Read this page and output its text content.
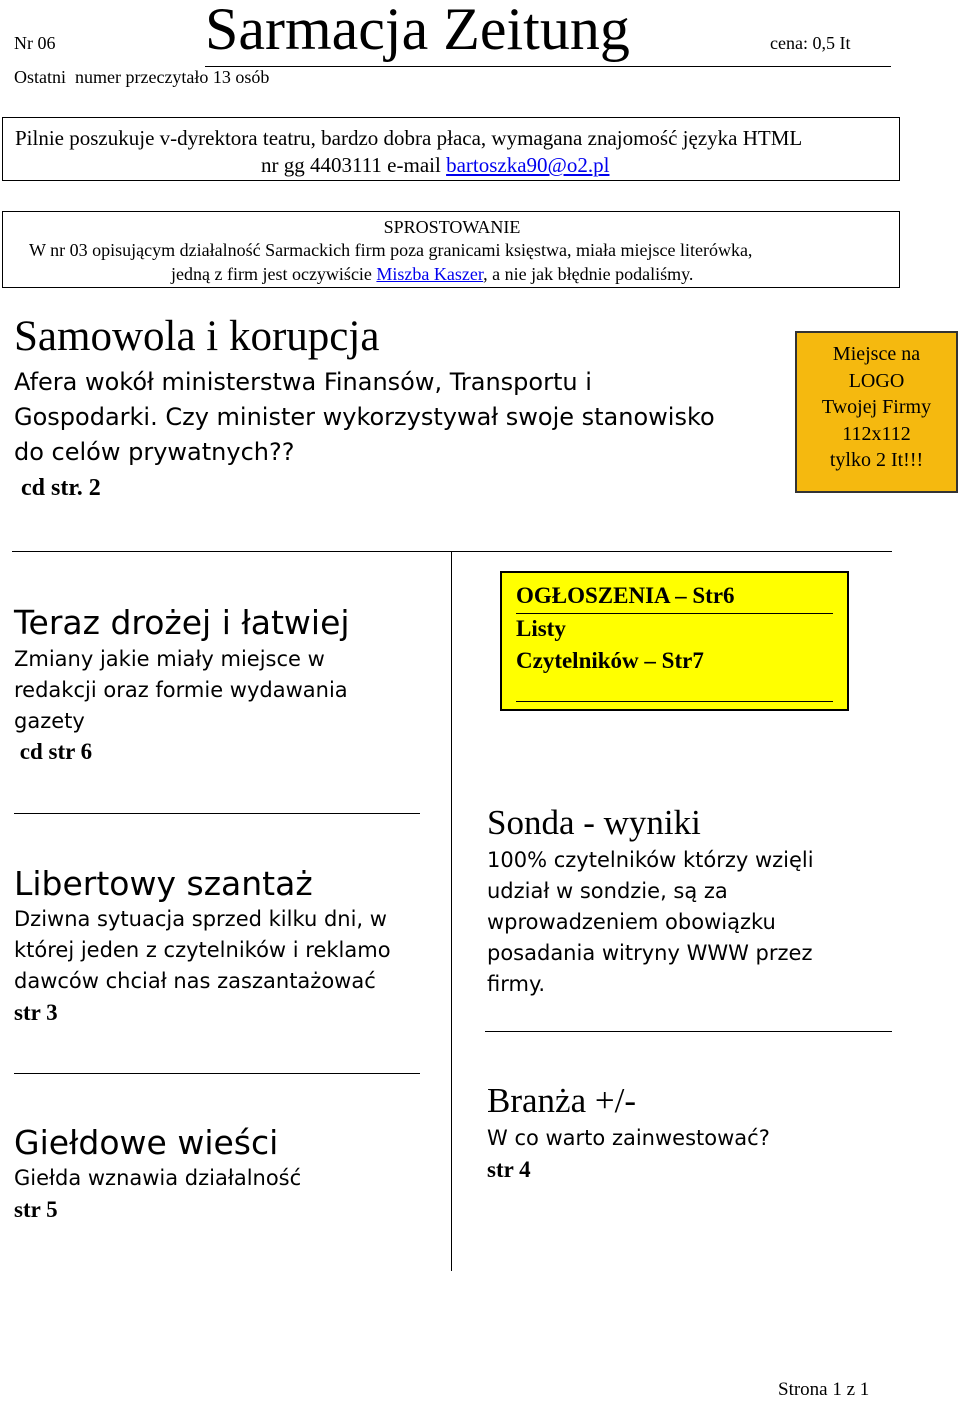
Nr 06 Sarmacja Zeitung	cena: 0,5 It
Ostatni  numer przeczytało 13 osób
Pilnie poszukuje v-dyrektora teatru, bardzo dobra płaca, wymagana znajomość języka HTML
nr gg 4403111 e-mail bartoszka90@o2.pl
SPROSTOWANIE
W nr 03 opisującym działalność Sarmackich firm poza granicami księstwa, miała miejsce literówka,
jedną z firm jest oczywiście Miszba Kaszer, a nie jak błędnie podaliśmy.
Samowola i korupcja
Afera wokół ministerstwa Finansów, Transportu i
Gospodarki. Czy minister wykorzystywał swoje stanowisko
do celów prywatnych??
cd str. 2
Miejsce na
LOGO
Twojej Firmy
112x112
tylko 2 It!!!
Teraz drożej i łatwiej
Zmiany jakie miały miejsce w
redakcji oraz formie wydawania
gazety
cd str 6
Libertowy szantaż
Dziwna sytuacja sprzed kilku dni, w
której jeden z czytelników i reklamo
dawców chciał nas zaszantażować
str 3
Giełdowe wieści
Giełda wznawia działalność
str 5
OGŁOSZENIA – Str6
Listy
Czytelników – Str7
Sonda - wyniki
100% czytelników którzy wzięli
udział w sondzie, są za
wprowadzeniem obowiązku
posadania witryny WWW przez
firmy.
Branża +/-
W co warto zainwestować?
str 4
Strona 1 z 1
